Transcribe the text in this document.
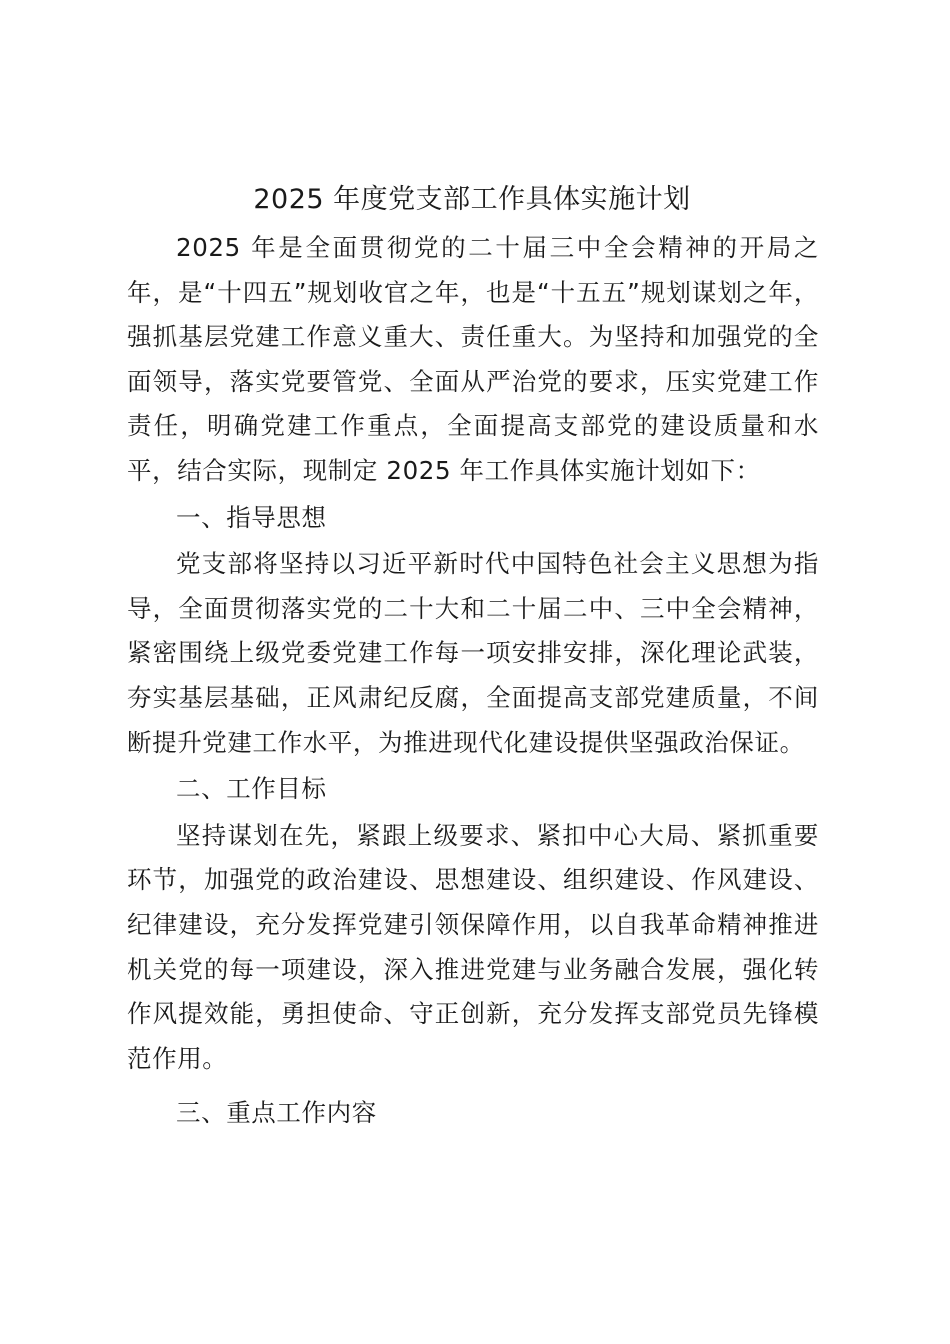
2025 年度党支部工作具体实施计划

2025 年是全面贯彻党的二十届三中全会精神的开局之年，是“十四五”规划收官之年，也是“十五五”规划谋划之年，强抓基层党建工作意义重大、责任重大。为坚持和加强党的全面领导，落实党要管党、全面从严治党的要求，压实党建工作责任，明确党建工作重点，全面提高支部党的建设质量和水平，结合实际，现制定 2025 年工作具体实施计划如下：

一、指导思想

党支部将坚持以习近平新时代中国特色社会主义思想为指导，全面贯彻落实党的二十大和二十届二中、三中全会精神，紧密围绕上级党委党建工作每一项安排安排，深化理论武装，夯实基层基础，正风肃纪反腐，全面提高支部党建质量，不间断提升党建工作水平，为推进现代化建设提供坚强政治保证。

二、工作目标

坚持谋划在先，紧跟上级要求、紧扣中心大局、紧抓重要环节，加强党的政治建设、思想建设、组织建设、作风建设、纪律建设，充分发挥党建引领保障作用，以自我革命精神推进机关党的每一项建设，深入推进党建与业务融合发展，强化转作风提效能，勇担使命、守正创新，充分发挥支部党员先锋模范作用。

三、重点工作内容
